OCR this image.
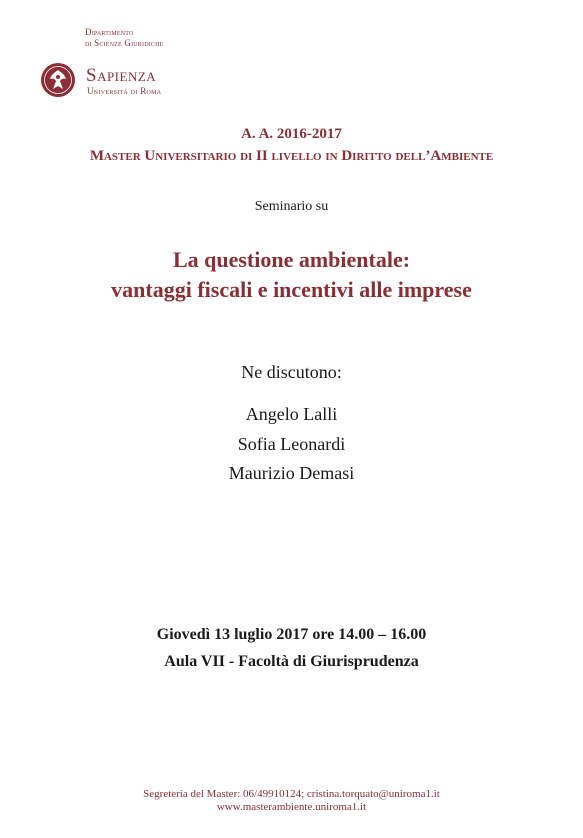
Dipartimento
di Scienze Giuridiche
Sapienza
Università di Roma
A. A. 2016-2017
Master Universitario di II livello in Diritto dell’Ambiente
Seminario su
La questione ambientale:
vantaggi fiscali e incentivi alle imprese
Ne discutono:
Angelo Lalli
Sofia Leonardi
Maurizio Demasi
Giovedì 13 luglio 2017 ore 14.00 – 16.00
Aula VII - Facoltà di Giurisprudenza
Segreteria del Master: 06/49910124; cristina.torquato@uniroma1.it
www.masterambiente.uniroma1.it
